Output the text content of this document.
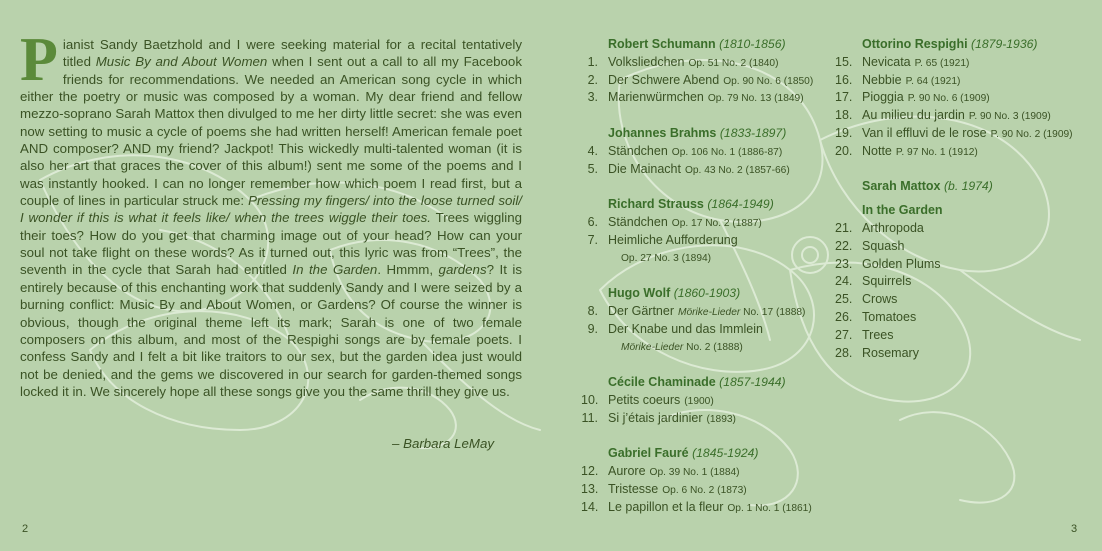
Pianist Sandy Baetzhold and I were seeking material for a recital tentatively titled Music By and About Women when I sent out a call to all my Facebook friends for recommendations. We needed an American song cycle in which either the poetry or music was composed by a woman. My dear friend and fellow mezzo-soprano Sarah Mattox then divulged to me her dirty little secret: she was even now setting to music a cycle of poems she had written herself! American female poet AND composer? AND my friend? Jackpot! This wickedly multi-talented woman (it is also her art that graces the cover of this album!) sent me some of the poems and I was instantly hooked. I can no longer remember how which poem I read first, but a couple of lines in particular struck me: Pressing my fingers/ into the loose turned soil/ I wonder if this is what it feels like/ when the trees wiggle their toes. Trees wiggling their toes? How do you get that charming image out of your head? How can your soul not take flight on these words? As it turned out, this lyric was from “Trees”, the seventh in the cycle that Sarah had entitled In the Garden. Hmmm, gardens? It is entirely because of this enchanting work that suddenly Sandy and I were seized by a burning conflict: Music By and About Women, or Gardens? Of course the winner is obvious, though the original theme left its mark; Sarah is one of two female composers on this album, and most of the Respighi songs are by female poets. I confess Sandy and I felt a bit like traitors to our sex, but the garden idea just would not be denied, and the gems we discovered in our search for garden-themed songs locked it in. We sincerely hope all these songs give you the same thrill they give us.
– Barbara LeMay
2
Robert Schumann (1810-1856)
1. Volksliedchen Op. 51 No. 2 (1840)
2. Der Schwere Abend Op. 90 No. 6 (1850)
3. Marienwürmchen Op. 79 No. 13 (1849)
Johannes Brahms (1833-1897)
4. Ständchen Op. 106 No. 1 (1886-87)
5. Die Mainacht Op. 43 No. 2 (1857-66)
Richard Strauss (1864-1949)
6. Ständchen Op. 17 No. 2 (1887)
7. Heimliche Aufforderung
Op. 27 No. 3 (1894)
Hugo Wolf (1860-1903)
8. Der Gärtner Mörike-Lieder No. 17 (1888)
9. Der Knabe und das Immlein
Mörike-Lieder No. 2 (1888)
Cécile Chaminade (1857-1944)
10. Petits coeurs (1900)
11. Si j’étais jardinier (1893)
Gabriel Fauré (1845-1924)
12. Aurore Op. 39 No. 1 (1884)
13. Tristesse Op. 6 No. 2 (1873)
14. Le papillon et la fleur Op. 1 No. 1 (1861)
Ottorino Respighi (1879-1936)
15. Nevicata P. 65 (1921)
16. Nebbie P. 64 (1921)
17. Pioggia P. 90 No. 6 (1909)
18. Au milieu du jardin P. 90 No. 3 (1909)
19. Van il effluvi de le rose P. 90 No. 2 (1909)
20. Notte P. 97 No. 1 (1912)
Sarah Mattox (b. 1974)
In the Garden
21. Arthropoda
22. Squash
23. Golden Plums
24. Squirrels
25. Crows
26. Tomatoes
27. Trees
28. Rosemary
3
